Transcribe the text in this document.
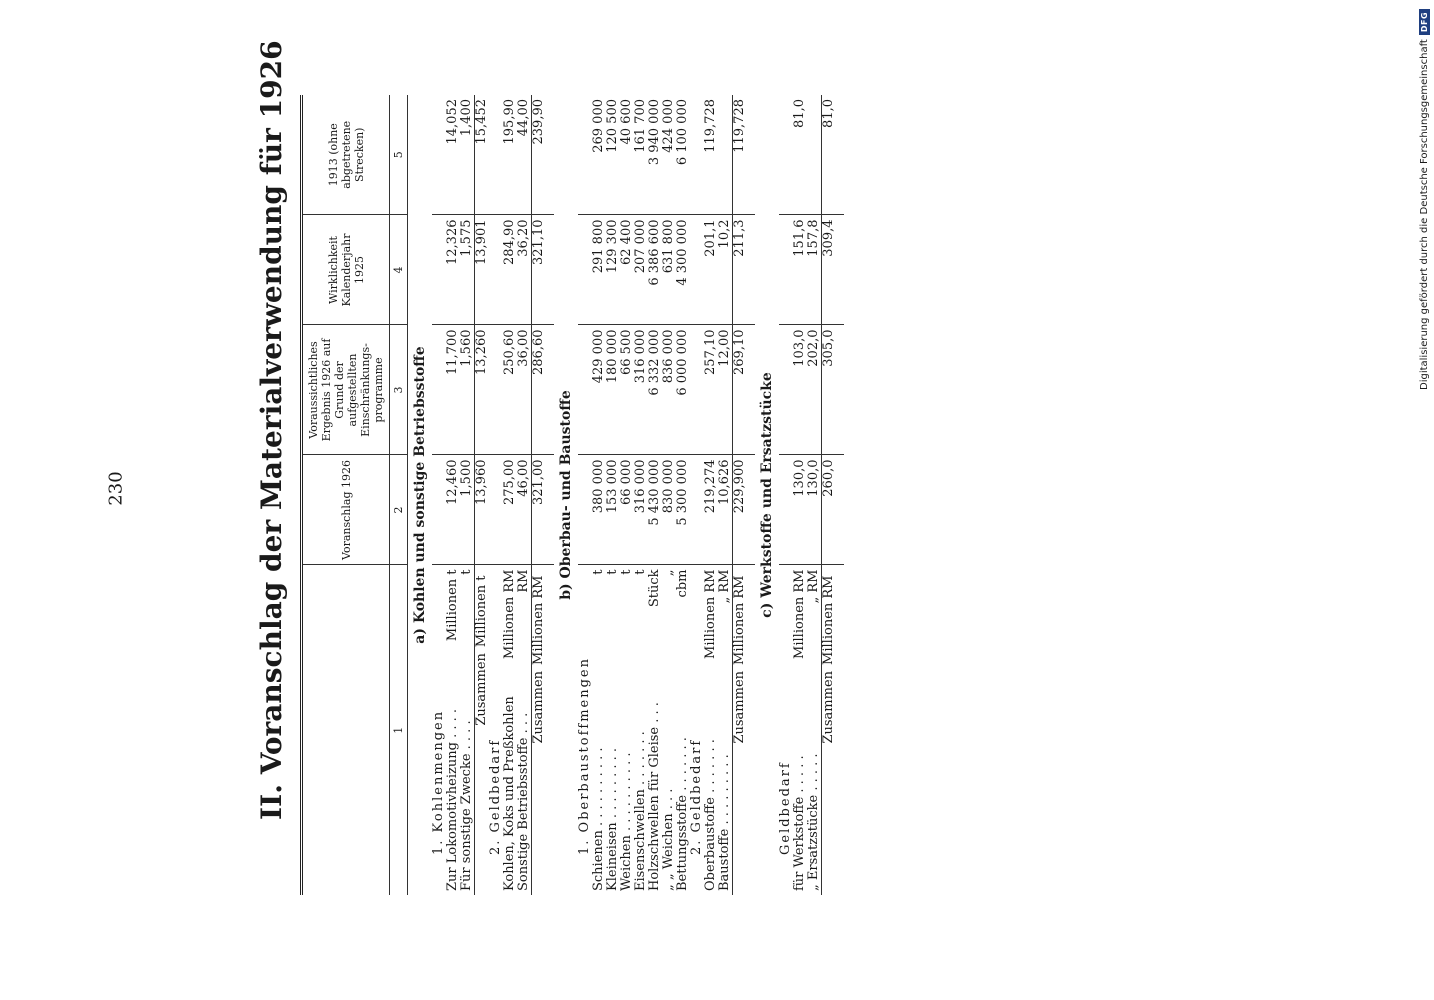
Digitalisierung gefördert durch die Deutsche Forschungsgemeinschaft
DFG
230	II. Voranschlag der Materialverwendung für 1926
		Voranschlag 1926	Voraussichtliches Ergebnis 1926 auf Grund der aufgestellten Einschränkungs-programme	Wirklichkeit Kalenderjahr 1925	1913 (ohne abgetretene Strecken)
1	2	3	4	5
a) Kohlen und sonstige Betriebsstoffe				
1. Kohlenmengen				
Zur Lokomotivheizung . . . .
Millionen t	12,460	11,700	12,326	14,052
Für sonstige Zwecke . . . .
t	1,500	1,560	1,575	1,400
Zusammen
Millionen t	13,960	13,260	13,901	15,452
2. Geldbedarf				
Kohlen, Koks und Preßkohlen
Millionen RM	275,00	250,60	284,90	195,90
Sonstige Betriebsstoffe . . .
RM	46,00	36,00	36,20	44,00
Zusammen
Millionen RM	321,00	286,60	321,10	239,90

b) Oberbau- und Baustoffe				
1. Oberbaustoffmengen				
Schienen . . . . . . . . . .
t	380 000	429 000	291 800	269 000
Kleineisen . . . . . . . . .
t	153 000	180 000	129 300	120 500
Weichen . . . . . . . . . .
t	66 000	66 500	62 400	40 600
Eisenschwellen . . . . . . .
t	316 000	316 000	207 000	161 700
Holzschwellen für Gleise . . .
Stück	5 430 000	6 332 000	6 386 600	3 940 000
„ „ Weichen . . .
„	830 000	836 000	631 800	424 000
Bettungsstoffe . . . . . . .
cbm	5 300 000	6 000 000	4 300 000	6 100 000
2. Geldbedarf				
Oberbaustoffe . . . . . . .
Millionen RM	219,274	257,10	201,1	119,728
Baustoffe . . . . . . . . .
„ RM	10,626	12,00	10,2	
Zusammen
Millionen RM	229,900	269,10	211,3	119,728

c) Werkstoffe und Ersatzstücke				
Geldbedarf				
für Werkstoffe . . . . .
Millionen RM	130,0	103,0	151,6	81,0
„ Ersatzstücke . . . . .
„ RM	130,0	202,0	157,8	
Zusammen
Millionen RM	260,0	305,0	309,4	81,0
